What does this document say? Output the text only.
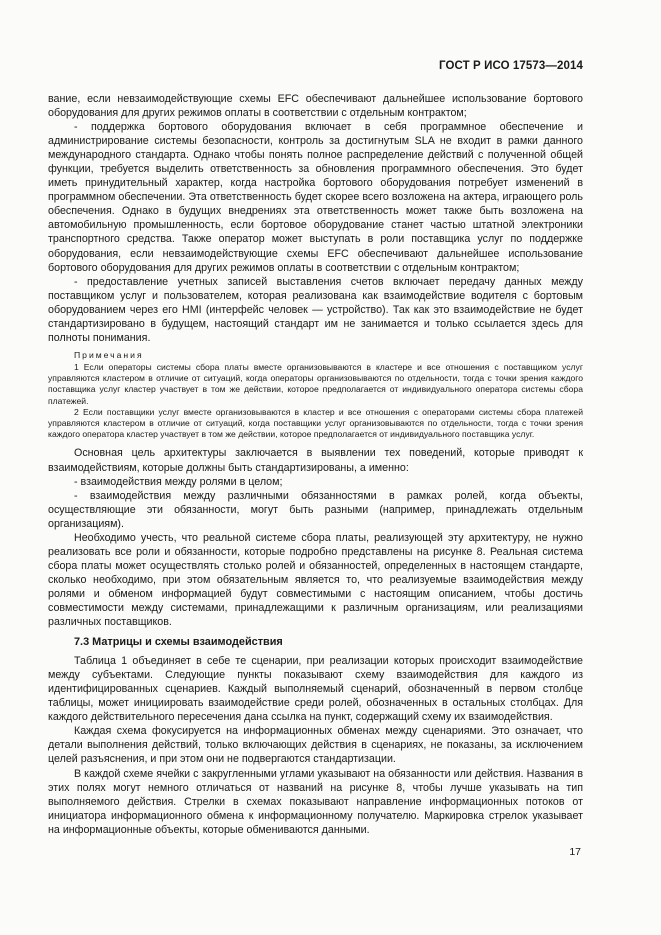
ГОСТ Р ИСО 17573—2014

вание, если невзаимодействующие схемы EFC обеспечивают дальнейшее использование бортового оборудования для других режимов оплаты в соответствии с отдельным контрактом;

- поддержка бортового оборудования включает в себя программное обеспечение и администрирование системы безопасности, контроль за достигнутым SLA не входит в рамки данного международного стандарта. Однако чтобы понять полное распределение действий с полученной общей функции, требуется выделить ответственность за обновления программного обеспечения. Это будет иметь принудительный характер, когда настройка бортового оборудования потребует изменений в программном обеспечении. Эта ответственность будет скорее всего возложена на актера, играющего роль обеспечения. Однако в будущих внедрениях эта ответственность может также быть возложена на автомобильную промышленность, если бортовое оборудование станет частью штатной электроники транспортного средства. Также оператор может выступать в роли поставщика услуг по поддержке оборудования, если невзаимодействующие схемы EFC обеспечивают дальнейшее использование бортового оборудования для других режимов оплаты в соответствии с отдельным контрактом;

- предоставление учетных записей выставления счетов включает передачу данных между поставщиком услуг и пользователем, которая реализована как взаимодействие водителя с бортовым оборудованием через его HMI (интерфейс человек — устройство). Так как это взаимодействие не будет стандартизировано в будущем, настоящий стандарт им не занимается и только ссылается здесь для полноты понимания.

Примечания

1 Если операторы системы сбора платы вместе организовываются в кластере и все отношения с поставщиком услуг управляются кластером в отличие от ситуаций, когда операторы организовываются по отдельности, тогда с точки зрения каждого поставщика услуг кластер участвует в том же действии, которое предполагается от индивидуального оператора системы сбора платежей.

2 Если поставщики услуг вместе организовываются в кластер и все отношения с операторами системы сбора платежей управляются кластером в отличие от ситуаций, когда поставщики услуг организовываются по отдельности, тогда с точки зрения каждого оператора кластер участвует в том же действии, которое предполагается от индивидуального поставщика услуг.

Основная цель архитектуры заключается в выявлении тех поведений, которые приводят к взаимодействиям, которые должны быть стандартизированы, а именно:

- взаимодействия между ролями в целом;

- взаимодействия между различными обязанностями в рамках ролей, когда объекты, осуществляющие эти обязанности, могут быть разными (например, принадлежать отдельным организациям).

Необходимо учесть, что реальной системе сбора платы, реализующей эту архитектуру, не нужно реализовать все роли и обязанности, которые подробно представлены на рисунке 8. Реальная система сбора платы может осуществлять столько ролей и обязанностей, определенных в настоящем стандарте, сколько необходимо, при этом обязательным является то, что реализуемые взаимодействия между ролями и обменом информацией будут совместимыми с настоящим описанием, чтобы достичь совместимости между системами, принадлежащими к различным организациям, или реализациями различных поставщиков.

7.3 Матрицы и схемы взаимодействия

Таблица 1 объединяет в себе те сценарии, при реализации которых происходит взаимодействие между субъектами. Следующие пункты показывают схему взаимодействия для каждого из идентифицированных сценариев. Каждый выполняемый сценарий, обозначенный в первом столбце таблицы, может инициировать взаимодействие среди ролей, обозначенных в остальных столбцах. Для каждого действительного пересечения дана ссылка на пункт, содержащий схему их взаимодействия.

Каждая схема фокусируется на информационных обменах между сценариями. Это означает, что детали выполнения действий, только включающих действия в сценариях, не показаны, за исключением целей разъяснения, и при этом они не подвергаются стандартизации.

В каждой схеме ячейки с закругленными углами указывают на обязанности или действия. Названия в этих полях могут немного отличаться от названий на рисунке 8, чтобы лучше указывать на тип выполняемого действия. Стрелки в схемах показывают направление информационных потоков от инициатора информационного обмена к информационному получателю. Маркировка стрелок указывает на информационные объекты, которые обмениваются данными.

17
